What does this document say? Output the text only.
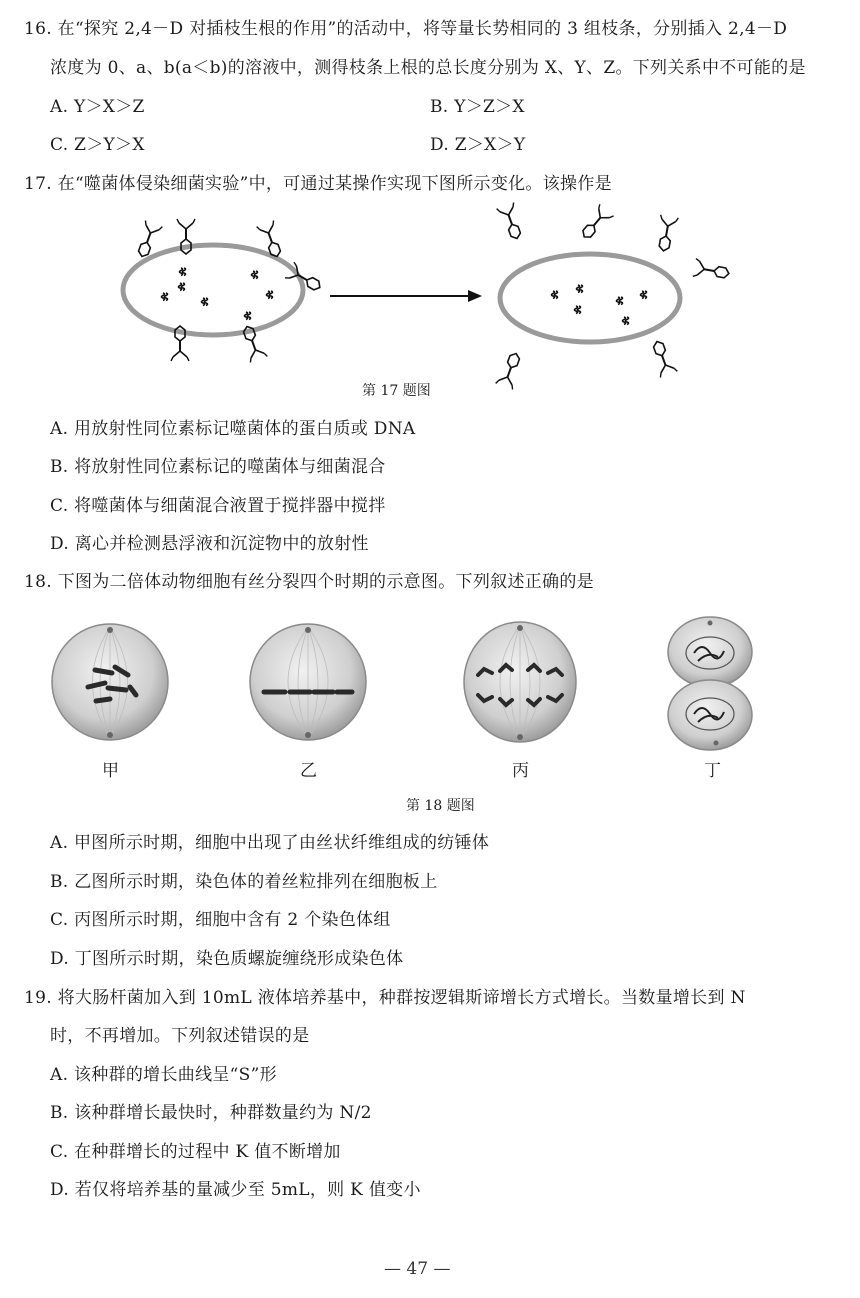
16. 在“探究 2,4－D 对插枝生根的作用”的活动中，将等量长势相同的 3 组枝条，分别插入 2,4－D
浓度为 0、a、b(a＜b)的溶液中，测得枝条上根的总长度分别为 X、Y、Z。下列关系中不可能的是
A. Y＞X＞Z	B. Y＞Z＞X
C. Z＞Y＞X	D. Z＞X＞Y
17. 在“噬菌体侵染细菌实验”中，可通过某操作实现下图所示变化。该操作是
第 17 题图
A. 用放射性同位素标记噬菌体的蛋白质或 DNA
B. 将放射性同位素标记的噬菌体与细菌混合
C. 将噬菌体与细菌混合液置于搅拌器中搅拌
D. 离心并检测悬浮液和沉淀物中的放射性
18. 下图为二倍体动物细胞有丝分裂四个时期的示意图。下列叙述正确的是
甲	乙	丙	丁
第 18 题图
A. 甲图所示时期，细胞中出现了由丝状纤维组成的纺锤体
B. 乙图所示时期，染色体的着丝粒排列在细胞板上
C. 丙图所示时期，细胞中含有 2 个染色体组
D. 丁图所示时期，染色质螺旋缠绕形成染色体
19. 将大肠杆菌加入到 10mL 液体培养基中，种群按逻辑斯谛增长方式增长。当数量增长到 N
时，不再增加。下列叙述错误的是
A. 该种群的增长曲线呈“S”形
B. 该种群增长最快时，种群数量约为 N/2
C. 在种群增长的过程中 K 值不断增加
D. 若仅将培养基的量减少至 5mL，则 K 值变小
— 47 —
